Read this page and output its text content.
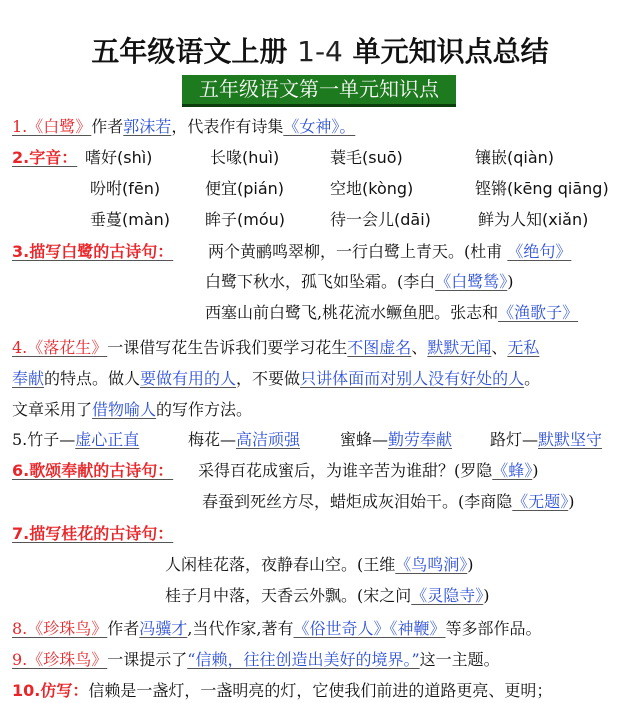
五年级语文上册 1-4 单元知识点总结
五年级语文第一单元知识点
1.《白鹭》作者郭沫若，代表作有诗集《女神》。
2.字音： 嗜好(shì)	长喙(huì)	蓑毛(suō)	镶嵌(qiàn)
吩咐(fēn)	便宜(pián)	空地(kòng)	铿锵(kēng qiāng)
垂蔓(màn) 眸子(móu)	待一会儿(dāi)	鲜为人知(xiǎn)
3.描写白鹭的古诗句： 两个黄鹂鸣翠柳，一行白鹭上青天。(杜甫 《绝句》
白鹭下秋水，孤飞如坠霜。(李白《白鹭鸶》)
西塞山前白鹭飞,桃花流水鳜鱼肥。张志和《渔歌子》
4.《落花生》一课借写花生告诉我们要学习花生不图虚名、默默无闻、无私
奉献的特点。做人要做有用的人，不要做只讲体面而对别人没有好处的人。
文章采用了借物喻人的写作方法。
5.竹子—虚心正直	梅花—高洁顽强 蜜蜂—勤劳奉献 路灯—默默坚守
6.歌颂奉献的古诗句： 采得百花成蜜后，为谁辛苦为谁甜？(罗隐《蜂》)
春蚕到死丝方尽，蜡炬成灰泪始干。(李商隐《无题》)
7.描写桂花的古诗句：
人闲桂花落，夜静春山空。(王维《鸟鸣涧》)
桂子月中落，天香云外飘。(宋之问《灵隐寺》)
8.《珍珠鸟》作者冯骥才,当代作家,著有《俗世奇人》《神鞭》等多部作品。
9.《珍珠鸟》一课提示了“信赖，往往创造出美好的境界。”这一主题。
10.仿写：信赖是一盏灯，一盏明亮的灯，它使我们前进的道路更亮、更明；
